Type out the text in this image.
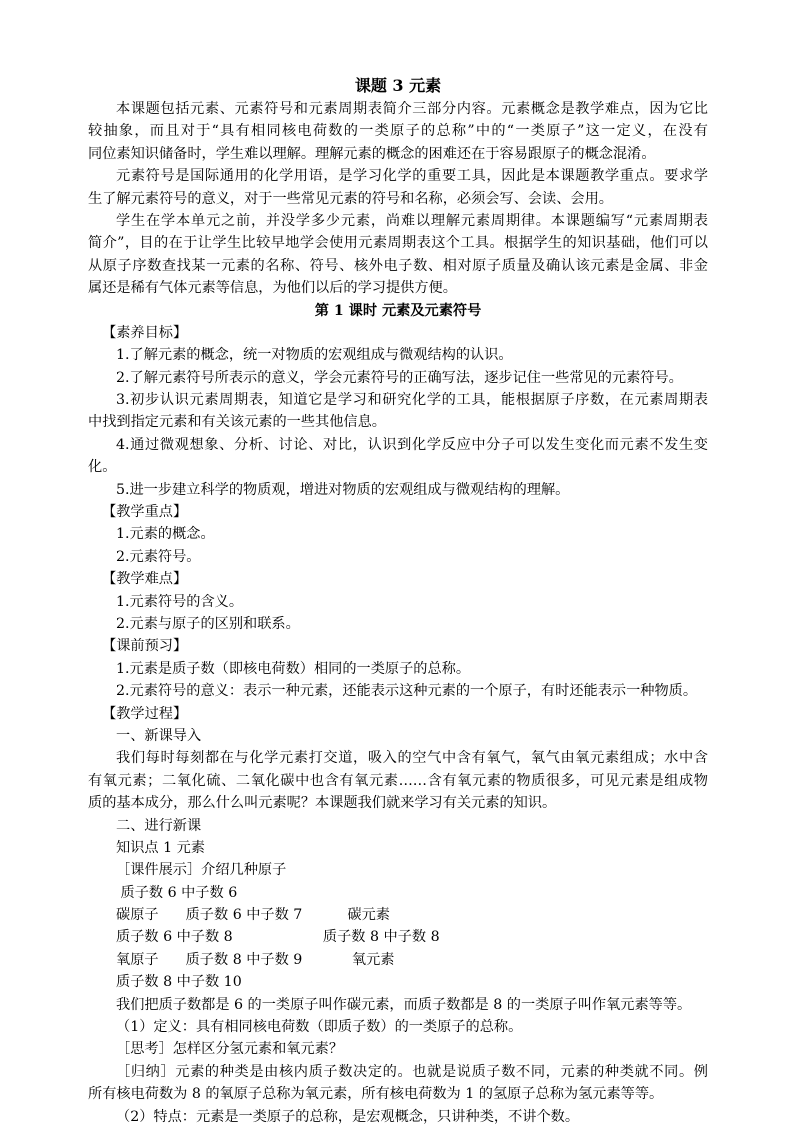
课题 3 元素
本课题包括元素、元素符号和元素周期表简介三部分内容。元素概念是教学难点，因为它比
较抽象，而且对于“具有相同核电荷数的一类原子的总称”中的“一类原子”这一定义，在没有
同位素知识储备时，学生难以理解。理解元素的概念的困难还在于容易跟原子的概念混淆。
元素符号是国际通用的化学用语，是学习化学的重要工具，因此是本课题教学重点。要求学
生了解元素符号的意义，对于一些常见元素的符号和名称，必须会写、会读、会用。
学生在学本单元之前，并没学多少元素，尚难以理解元素周期律。本课题编写“元素周期表
简介”，目的在于让学生比较早地学会使用元素周期表这个工具。根据学生的知识基础，他们可以
从原子序数查找某一元素的名称、符号、核外电子数、相对原子质量及确认该元素是金属、非金
属还是稀有气体元素等信息，为他们以后的学习提供方便。
第 1 课时 元素及元素符号
【素养目标】
1.了解元素的概念，统一对物质的宏观组成与微观结构的认识。
2.了解元素符号所表示的意义，学会元素符号的正确写法，逐步记住一些常见的元素符号。
3.初步认识元素周期表，知道它是学习和研究化学的工具，能根据原子序数，在元素周期表
中找到指定元素和有关该元素的一些其他信息。
4.通过微观想象、分析、讨论、对比，认识到化学反应中分子可以发生变化而元素不发生变
化。
5.进一步建立科学的物质观，增进对物质的宏观组成与微观结构的理解。
【教学重点】
1.元素的概念。
2.元素符号。
【教学难点】
1.元素符号的含义。
2.元素与原子的区别和联系。
【课前预习】
1.元素是质子数（即核电荷数）相同的一类原子的总称。
2.元素符号的意义：表示一种元素，还能表示这种元素的一个原子，有时还能表示一种物质。
【教学过程】
一、新课导入
我们每时每刻都在与化学元素打交道，吸入的空气中含有氧气，氧气由氧元素组成；水中含
有氧元素；二氧化硫、二氧化碳中也含有氧元素……含有氧元素的物质很多，可见元素是组成物
质的基本成分，那么什么叫元素呢？本课题我们就来学习有关元素的知识。
二、进行新课
知识点 1 元素
［课件展示］介绍几种原子
质子数 6 中子数 6
碳原子      质子数 6 中子数 7          碳元素
质子数 6 中子数 8                    质子数 8 中子数 8
氧原子      质子数 8 中子数 9           氧元素
质子数 8 中子数 10
我们把质子数都是 6 的一类原子叫作碳元素，而质子数都是 8 的一类原子叫作氧元素等等。
（1）定义：具有相同核电荷数（即质子数）的一类原子的总称。
［思考］怎样区分氢元素和氧元素？
［归纳］元素的种类是由核内质子数决定的。也就是说质子数不同，元素的种类就不同。例
所有核电荷数为 8 的氧原子总称为氧元素，所有核电荷数为 1 的氢原子总称为氢元素等等。
（2）特点：元素是一类原子的总称，是宏观概念，只讲种类，不讲个数。
